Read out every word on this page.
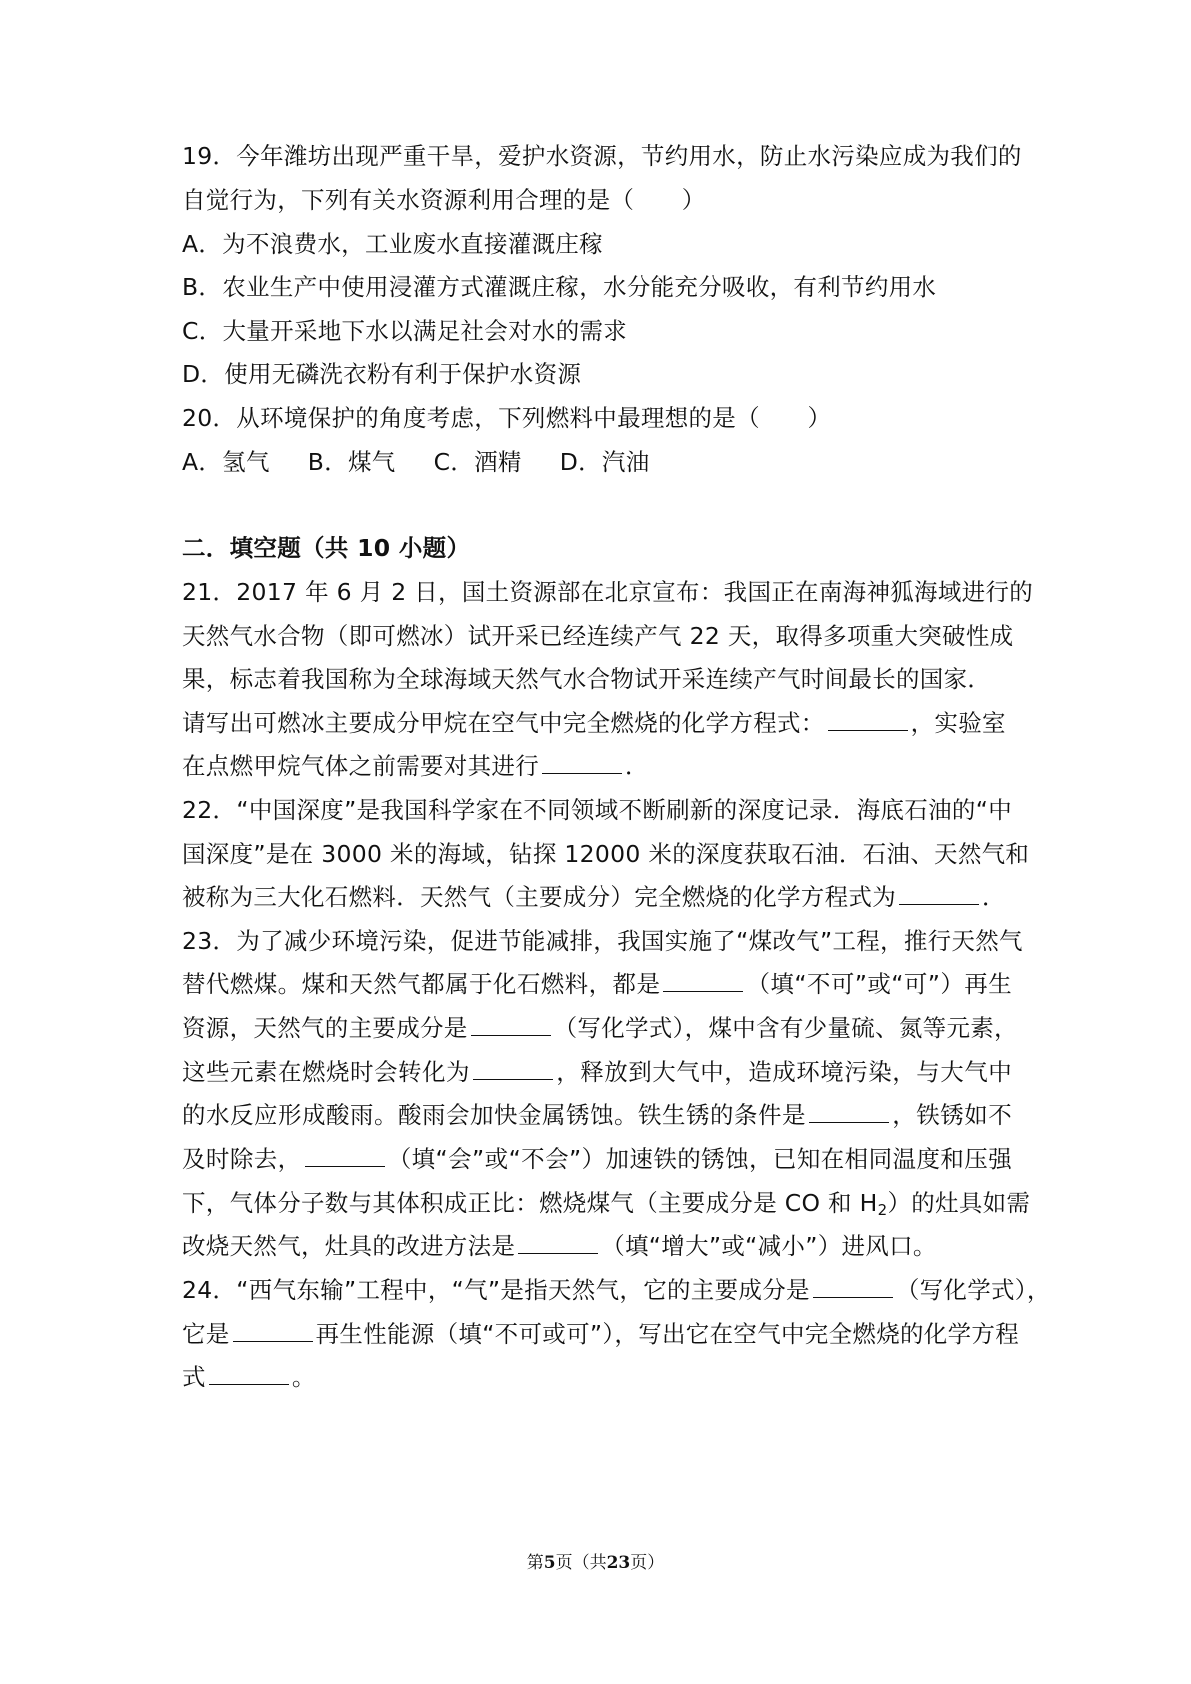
19．今年潍坊出现严重干旱，爱护水资源，节约用水，防止水污染应成为我们的
自觉行为，下列有关水资源利用合理的是（　　）
A．为不浪费水，工业废水直接灌溉庄稼
B．农业生产中使用浸灌方式灌溉庄稼，水分能充分吸收，有利节约用水
C．大量开采地下水以满足社会对水的需求
D．使用无磷洗衣粉有利于保护水资源
20．从环境保护的角度考虑，下列燃料中最理想的是（　　）
A．氢气 B．煤气 C．酒精 D．汽油
二．填空题（共 10 小题）
21．2017 年 6 月 2 日，国土资源部在北京宣布：我国正在南海神狐海域进行的
天然气水合物（即可燃冰）试开采已经连续产气 22 天，取得多项重大突破性成
果，标志着我国称为全球海域天然气水合物试开采连续产气时间最长的国家．
请写出可燃冰主要成分甲烷在空气中完全燃烧的化学方程式：	，实验室
在点燃甲烷气体之前需要对其进行	．
22．“中国深度”是我国科学家在不同领域不断刷新的深度记录．海底石油的“中
国深度”是在 3000 米的海域，钻探 12000 米的深度获取石油．石油、天然气和
被称为三大化石燃料．天然气（主要成分）完全燃烧的化学方程式为	．
23．为了减少环境污染，促进节能减排，我国实施了“煤改气”工程，推行天然气
替代燃煤。煤和天然气都属于化石燃料，都是	（填“不可”或“可”）再生
资源，天然气的主要成分是	（写化学式），煤中含有少量硫、氮等元素，
这些元素在燃烧时会转化为	，释放到大气中，造成环境污染，与大气中
的水反应形成酸雨。酸雨会加快金属锈蚀。铁生锈的条件是	，铁锈如不
及时除去，	（填“会”或“不会”）加速铁的锈蚀，已知在相同温度和压强
下，气体分子数与其体积成正比：燃烧煤气（主要成分是 CO 和 $H_2$）的灶具如需
改烧天然气，灶具的改进方法是	（填“增大”或“减小”）进风口。
24．“西气东输”工程中，“气”是指天然气，它的主要成分是	（写化学式），
它是	再生性能源（填“不可或可”），写出它在空气中完全燃烧的化学方程
式	。
第5页（共23页）
